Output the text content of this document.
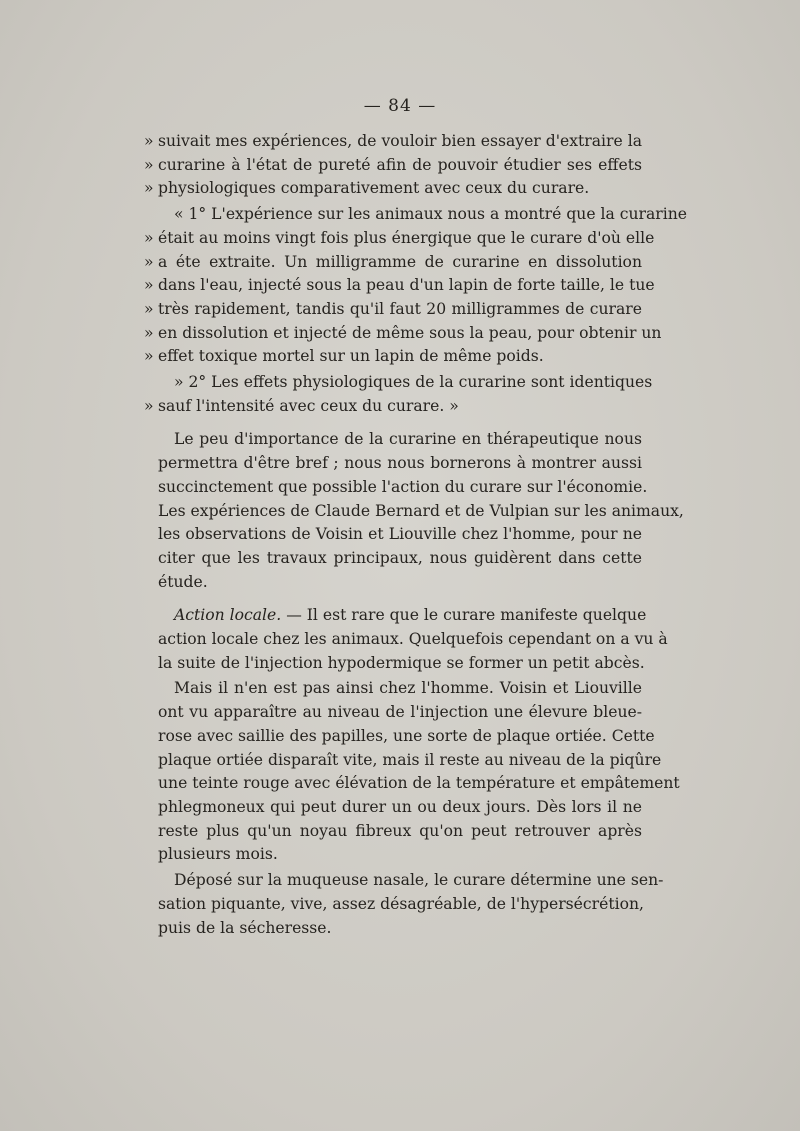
— 84 —
» suivait mes expériences, de vouloir bien essayer d'extraire la
» curarine à l'état de pureté afin de pouvoir étudier ses effets
» physiologiques comparativement avec ceux du curare.
« 1° L'expérience sur les animaux nous a montré que la curarine
» était au moins vingt fois plus énergique que le curare d'où elle
» a éte extraite. Un milligramme de curarine en dissolution
» dans l'eau, injecté sous la peau d'un lapin de forte taille, le tue
» très rapidement, tandis qu'il faut 20 milligrammes de curare
» en dissolution et injecté de même sous la peau, pour obtenir un
» effet toxique mortel sur un lapin de même poids.
» 2° Les effets physiologiques de la curarine sont identiques
» sauf l'intensité avec ceux du curare. »
Le peu d'importance de la curarine en thérapeutique nous
permettra d'être bref ; nous nous bornerons à montrer aussi
succinctement que possible l'action du curare sur l'économie.
Les expériences de Claude Bernard et de Vulpian sur les animaux,
les observations de Voisin et Liouville chez l'homme, pour ne
citer que les travaux principaux, nous guidèrent dans cette
étude.
Action locale. — Il est rare que le curare manifeste quelque
action locale chez les animaux. Quelquefois cependant on a vu à
la suite de l'injection hypodermique se former un petit abcès.
Mais il n'en est pas ainsi chez l'homme. Voisin et Liouville
ont vu apparaître au niveau de l'injection une élevure bleue-
rose avec saillie des papilles, une sorte de plaque ortiée. Cette
plaque ortiée disparaît vite, mais il reste au niveau de la piqûre
une teinte rouge avec élévation de la température et empâtement
phlegmoneux qui peut durer un ou deux jours. Dès lors il ne
reste plus qu'un noyau fibreux qu'on peut retrouver après
plusieurs mois.
Déposé sur la muqueuse nasale, le curare détermine une sen-
sation piquante, vive, assez désagréable, de l'hypersécrétion,
puis de la sécheresse.
